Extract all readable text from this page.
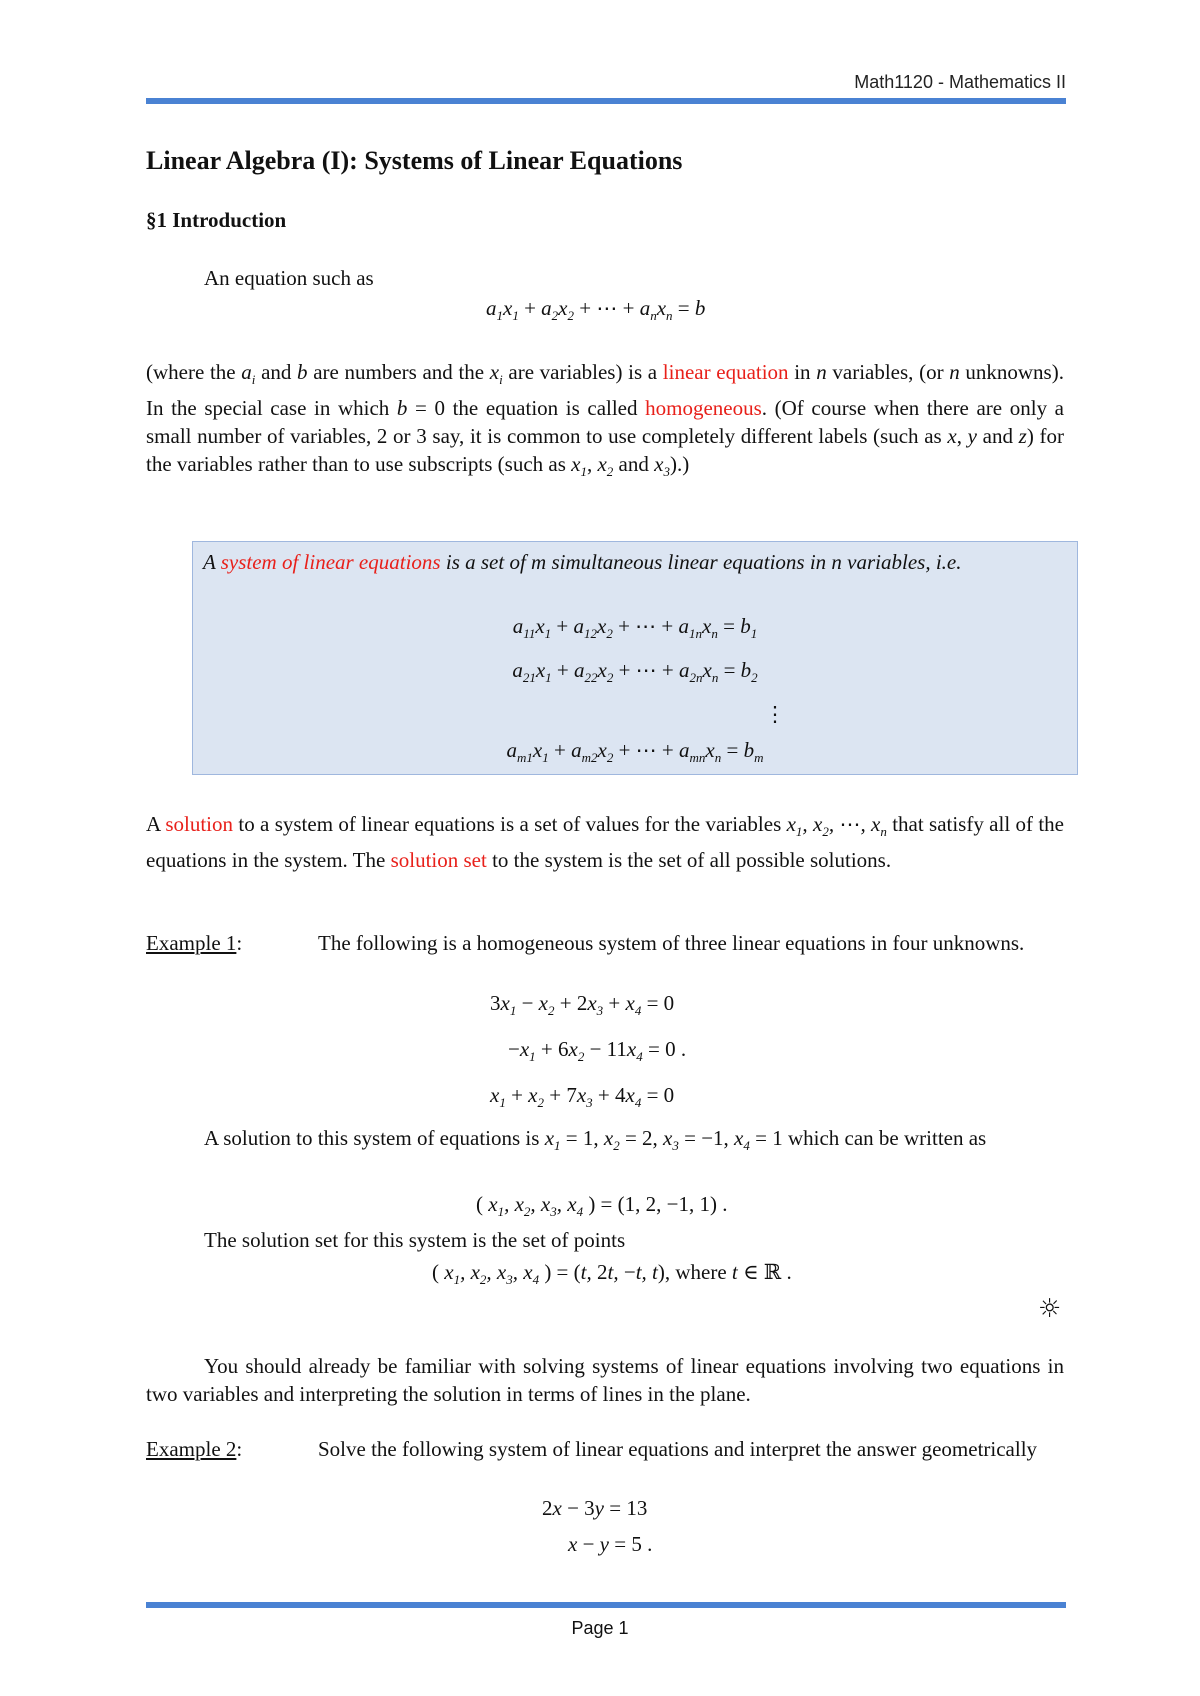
Math1120 - Mathematics II
Linear Algebra (I): Systems of Linear Equations
§1 Introduction
An equation such as
$a_1x_1 + a_2x_2$ + ⋯ + $a_nx_n = b$
(where the $a_i$ and b are numbers and the $x_i$ are variables) is a linear equation in n variables, (or n unknowns). In the special case in which b = 0 the equation is called homogeneous. (Of course when there are only a small number of variables, 2 or 3 say, it is common to use completely different labels (such as x, y and z) for the variables rather than to use subscripts (such as $x_1$, $x_2$ and $x_3$).)
A system of linear equations is a set of m simultaneous linear equations in n variables, i.e.
$a_{11}x_1 + a_{12}x_2$ + ⋯ + $a_{1n}x_n = b_1$
$a_{21}x_1 + a_{22}x_2$ + ⋯ + $a_{2n}x_n = b_2$
⋮
$a_{m1}x_1 + a_{m2}x_2$ + ⋯ + $a_{mn}x_n = b_m$
A solution to a system of linear equations is a set of values for the variables $x_1$, $x_2$, ⋯, $x_n$ that satisfy all of the equations in the system. The solution set to the system is the set of all possible solutions.
Example 1:	The following is a homogeneous system of three linear equations in four unknowns.
$3x_1 - x_2 + 2x_3 + x_4 = 0$
$-x_1 + 6x_2 - 11x_4 = 0$ .
$x_1 + x_2 + 7x_3 + 4x_4 = 0$
A solution to this system of equations is $x_1 = 1$, $x_2 = 2$, $x_3 = -1$, $x_4 = 1$ which can be written as
( $x_1$, $x_2$, $x_3$, $x_4$ ) = (1, 2, −1, 1) .
The solution set for this system is the set of points
( $x_1$, $x_2$, $x_3$, $x_4$ ) = (t, 2t, −t, t), where t ∈ ℝ .
☼
You should already be familiar with solving systems of linear equations involving two equations in two variables and interpreting the solution in terms of lines in the plane.
Example 2:	Solve the following system of linear equations and interpret the answer geometrically
2x − 3y = 13
x − y = 5 .
Page 1
